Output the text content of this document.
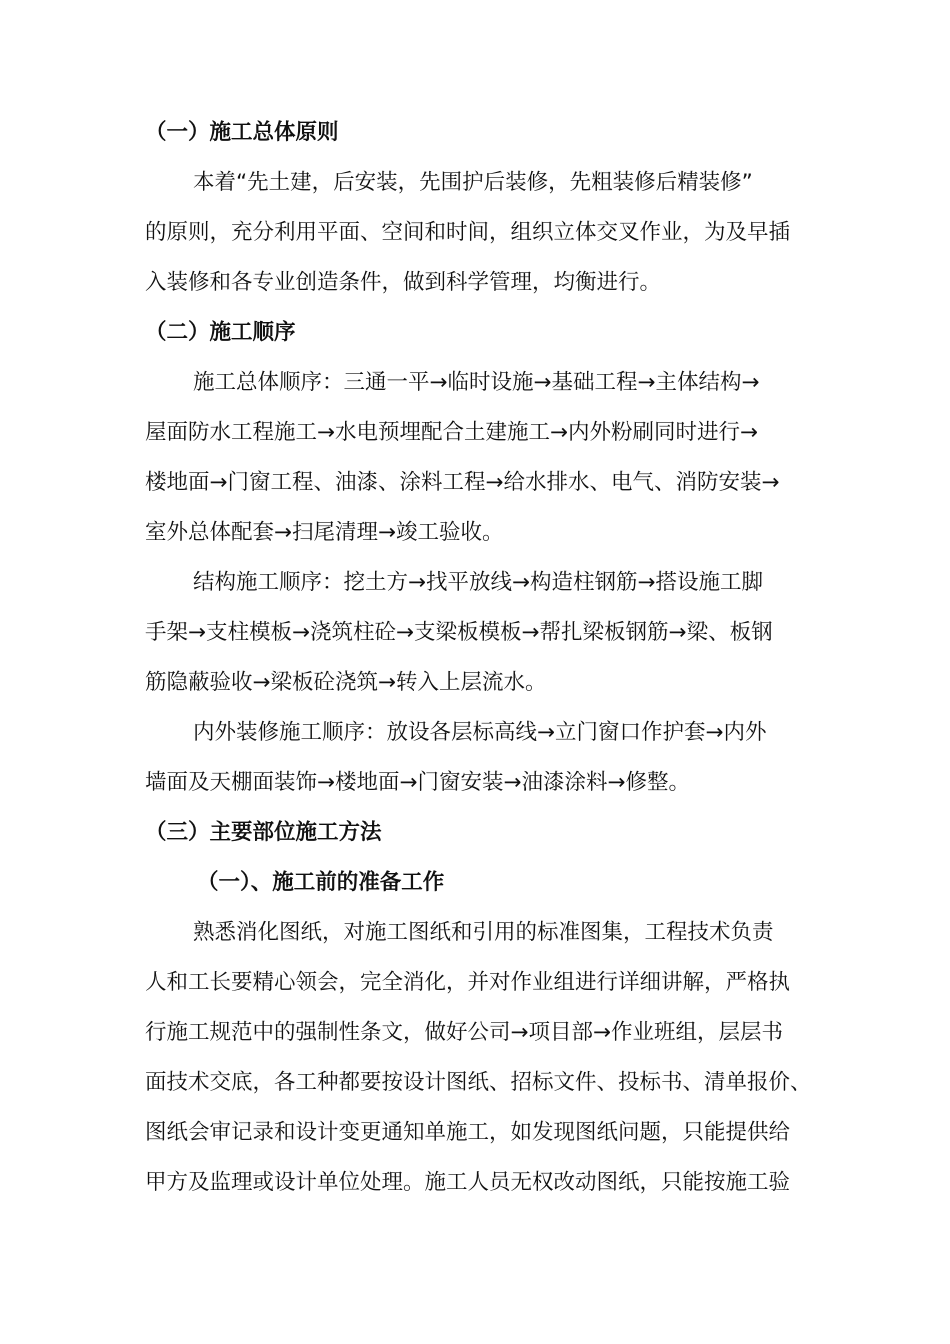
（一）施工总体原则
本着“先土建，后安装，先围护后装修，先粗装修后精装修”
的原则，充分利用平面、空间和时间，组织立体交叉作业，为及早插
入装修和各专业创造条件，做到科学管理，均衡进行。
（二）施工顺序
施工总体顺序：三通一平→临时设施→基础工程→主体结构→
屋面防水工程施工→水电预埋配合土建施工→内外粉刷同时进行→
楼地面→门窗工程、油漆、涂料工程→给水排水、电气、消防安装→
室外总体配套→扫尾清理→竣工验收。
结构施工顺序：挖土方→找平放线→构造柱钢筋→搭设施工脚
手架→支柱模板→浇筑柱砼→支梁板模板→帮扎梁板钢筋→梁、板钢
筋隐蔽验收→梁板砼浇筑→转入上层流水。
内外装修施工顺序：放设各层标高线→立门窗口作护套→内外
墙面及天棚面装饰→楼地面→门窗安装→油漆涂料→修整。
（三）主要部位施工方法
（一）、施工前的准备工作
熟悉消化图纸，对施工图纸和引用的标准图集，工程技术负责
人和工长要精心领会，完全消化，并对作业组进行详细讲解，严格执
行施工规范中的强制性条文，做好公司→项目部→作业班组，层层书
面技术交底，各工种都要按设计图纸、招标文件、投标书、清单报价、
图纸会审记录和设计变更通知单施工，如发现图纸问题，只能提供给
甲方及监理或设计单位处理。施工人员无权改动图纸，只能按施工验
